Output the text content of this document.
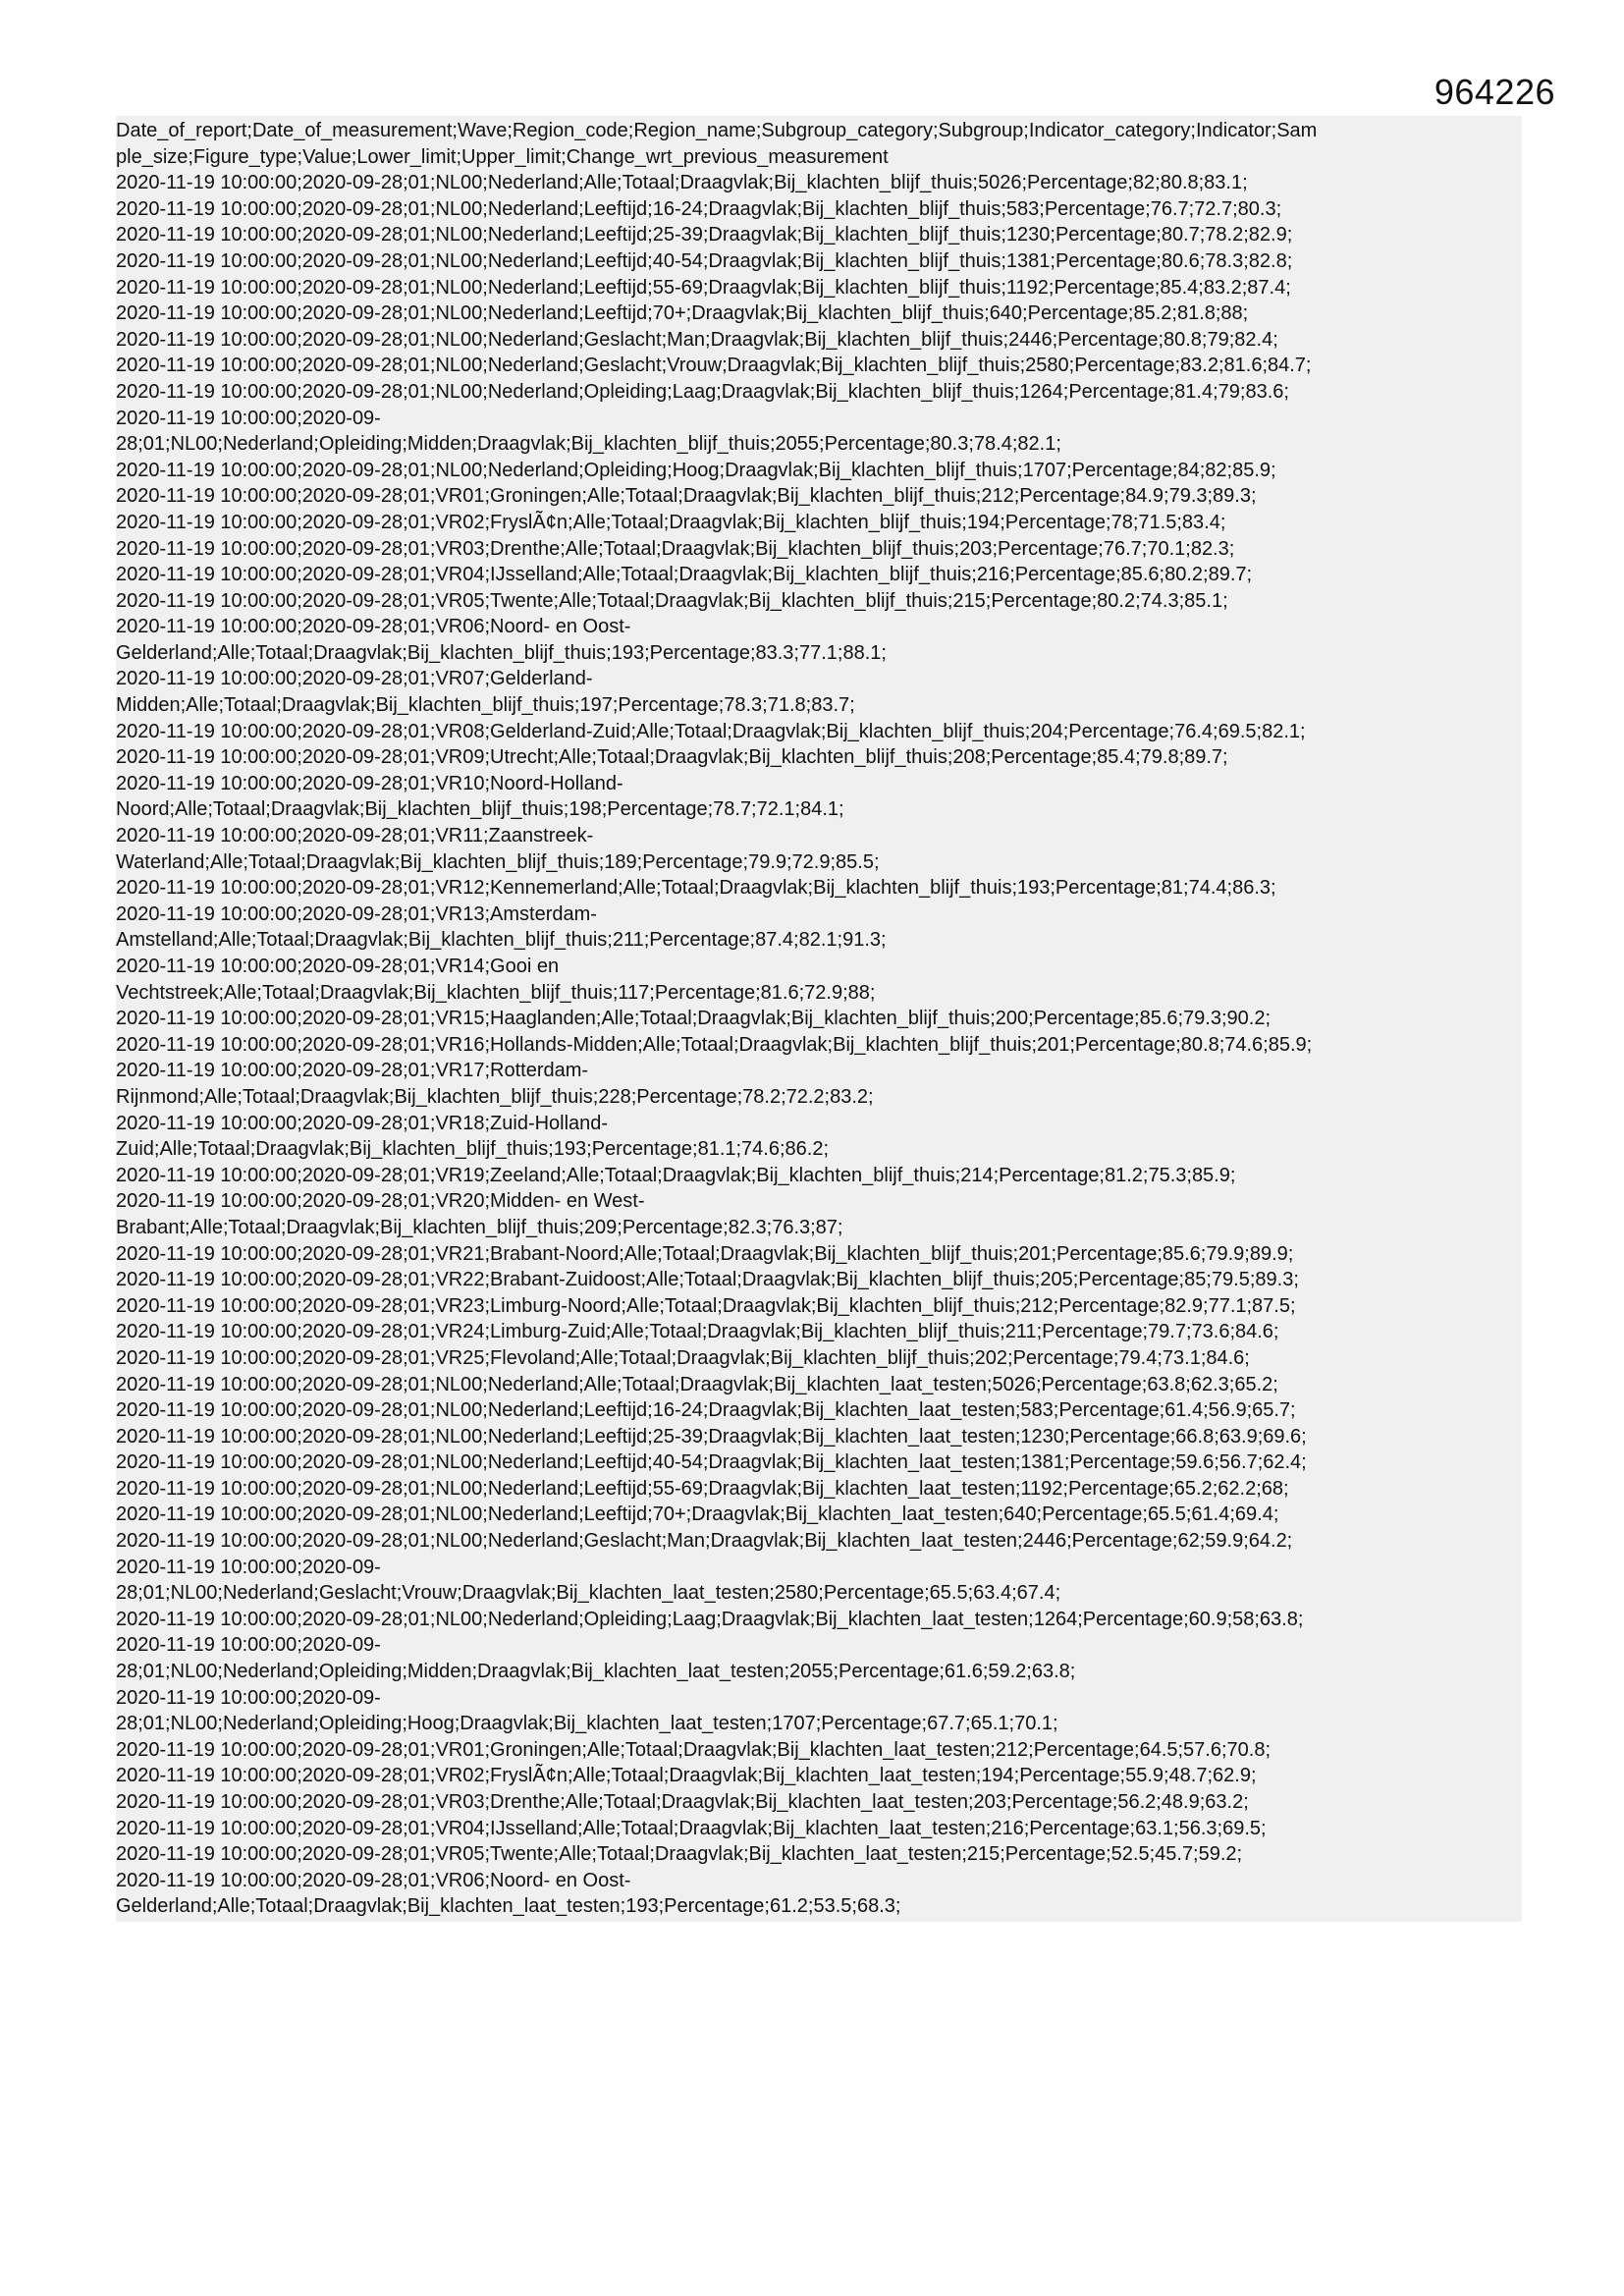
964226
Date_of_report;Date_of_measurement;Wave;Region_code;Region_name;Subgroup_category;Subgroup;Indicator_category;Indicator;Sam
ple_size;Figure_type;Value;Lower_limit;Upper_limit;Change_wrt_previous_measurement
2020-11-19 10:00:00;2020-09-28;01;NL00;Nederland;Alle;Totaal;Draagvlak;Bij_klachten_blijf_thuis;5026;Percentage;82;80.8;83.1;
2020-11-19 10:00:00;2020-09-28;01;NL00;Nederland;Leeftijd;16-24;Draagvlak;Bij_klachten_blijf_thuis;583;Percentage;76.7;72.7;80.3;
2020-11-19 10:00:00;2020-09-28;01;NL00;Nederland;Leeftijd;25-39;Draagvlak;Bij_klachten_blijf_thuis;1230;Percentage;80.7;78.2;82.9;
2020-11-19 10:00:00;2020-09-28;01;NL00;Nederland;Leeftijd;40-54;Draagvlak;Bij_klachten_blijf_thuis;1381;Percentage;80.6;78.3;82.8;
2020-11-19 10:00:00;2020-09-28;01;NL00;Nederland;Leeftijd;55-69;Draagvlak;Bij_klachten_blijf_thuis;1192;Percentage;85.4;83.2;87.4;
2020-11-19 10:00:00;2020-09-28;01;NL00;Nederland;Leeftijd;70+;Draagvlak;Bij_klachten_blijf_thuis;640;Percentage;85.2;81.8;88;
2020-11-19 10:00:00;2020-09-28;01;NL00;Nederland;Geslacht;Man;Draagvlak;Bij_klachten_blijf_thuis;2446;Percentage;80.8;79;82.4;
2020-11-19 10:00:00;2020-09-28;01;NL00;Nederland;Geslacht;Vrouw;Draagvlak;Bij_klachten_blijf_thuis;2580;Percentage;83.2;81.6;84.7;
2020-11-19 10:00:00;2020-09-28;01;NL00;Nederland;Opleiding;Laag;Draagvlak;Bij_klachten_blijf_thuis;1264;Percentage;81.4;79;83.6;
2020-11-19 10:00:00;2020-09-
28;01;NL00;Nederland;Opleiding;Midden;Draagvlak;Bij_klachten_blijf_thuis;2055;Percentage;80.3;78.4;82.1;
2020-11-19 10:00:00;2020-09-28;01;NL00;Nederland;Opleiding;Hoog;Draagvlak;Bij_klachten_blijf_thuis;1707;Percentage;84;82;85.9;
2020-11-19 10:00:00;2020-09-28;01;VR01;Groningen;Alle;Totaal;Draagvlak;Bij_klachten_blijf_thuis;212;Percentage;84.9;79.3;89.3;
2020-11-19 10:00:00;2020-09-28;01;VR02;FryslÃ¢n;Alle;Totaal;Draagvlak;Bij_klachten_blijf_thuis;194;Percentage;78;71.5;83.4;
2020-11-19 10:00:00;2020-09-28;01;VR03;Drenthe;Alle;Totaal;Draagvlak;Bij_klachten_blijf_thuis;203;Percentage;76.7;70.1;82.3;
2020-11-19 10:00:00;2020-09-28;01;VR04;IJsselland;Alle;Totaal;Draagvlak;Bij_klachten_blijf_thuis;216;Percentage;85.6;80.2;89.7;
2020-11-19 10:00:00;2020-09-28;01;VR05;Twente;Alle;Totaal;Draagvlak;Bij_klachten_blijf_thuis;215;Percentage;80.2;74.3;85.1;
2020-11-19 10:00:00;2020-09-28;01;VR06;Noord- en Oost-
Gelderland;Alle;Totaal;Draagvlak;Bij_klachten_blijf_thuis;193;Percentage;83.3;77.1;88.1;
2020-11-19 10:00:00;2020-09-28;01;VR07;Gelderland-
Midden;Alle;Totaal;Draagvlak;Bij_klachten_blijf_thuis;197;Percentage;78.3;71.8;83.7;
2020-11-19 10:00:00;2020-09-28;01;VR08;Gelderland-Zuid;Alle;Totaal;Draagvlak;Bij_klachten_blijf_thuis;204;Percentage;76.4;69.5;82.1;
2020-11-19 10:00:00;2020-09-28;01;VR09;Utrecht;Alle;Totaal;Draagvlak;Bij_klachten_blijf_thuis;208;Percentage;85.4;79.8;89.7;
2020-11-19 10:00:00;2020-09-28;01;VR10;Noord-Holland-
Noord;Alle;Totaal;Draagvlak;Bij_klachten_blijf_thuis;198;Percentage;78.7;72.1;84.1;
2020-11-19 10:00:00;2020-09-28;01;VR11;Zaanstreek-
Waterland;Alle;Totaal;Draagvlak;Bij_klachten_blijf_thuis;189;Percentage;79.9;72.9;85.5;
2020-11-19 10:00:00;2020-09-28;01;VR12;Kennemerland;Alle;Totaal;Draagvlak;Bij_klachten_blijf_thuis;193;Percentage;81;74.4;86.3;
2020-11-19 10:00:00;2020-09-28;01;VR13;Amsterdam-
Amstelland;Alle;Totaal;Draagvlak;Bij_klachten_blijf_thuis;211;Percentage;87.4;82.1;91.3;
2020-11-19 10:00:00;2020-09-28;01;VR14;Gooi en
Vechtstreek;Alle;Totaal;Draagvlak;Bij_klachten_blijf_thuis;117;Percentage;81.6;72.9;88;
2020-11-19 10:00:00;2020-09-28;01;VR15;Haaglanden;Alle;Totaal;Draagvlak;Bij_klachten_blijf_thuis;200;Percentage;85.6;79.3;90.2;
2020-11-19 10:00:00;2020-09-28;01;VR16;Hollands-Midden;Alle;Totaal;Draagvlak;Bij_klachten_blijf_thuis;201;Percentage;80.8;74.6;85.9;
2020-11-19 10:00:00;2020-09-28;01;VR17;Rotterdam-
Rijnmond;Alle;Totaal;Draagvlak;Bij_klachten_blijf_thuis;228;Percentage;78.2;72.2;83.2;
2020-11-19 10:00:00;2020-09-28;01;VR18;Zuid-Holland-
Zuid;Alle;Totaal;Draagvlak;Bij_klachten_blijf_thuis;193;Percentage;81.1;74.6;86.2;
2020-11-19 10:00:00;2020-09-28;01;VR19;Zeeland;Alle;Totaal;Draagvlak;Bij_klachten_blijf_thuis;214;Percentage;81.2;75.3;85.9;
2020-11-19 10:00:00;2020-09-28;01;VR20;Midden- en West-
Brabant;Alle;Totaal;Draagvlak;Bij_klachten_blijf_thuis;209;Percentage;82.3;76.3;87;
2020-11-19 10:00:00;2020-09-28;01;VR21;Brabant-Noord;Alle;Totaal;Draagvlak;Bij_klachten_blijf_thuis;201;Percentage;85.6;79.9;89.9;
2020-11-19 10:00:00;2020-09-28;01;VR22;Brabant-Zuidoost;Alle;Totaal;Draagvlak;Bij_klachten_blijf_thuis;205;Percentage;85;79.5;89.3;
2020-11-19 10:00:00;2020-09-28;01;VR23;Limburg-Noord;Alle;Totaal;Draagvlak;Bij_klachten_blijf_thuis;212;Percentage;82.9;77.1;87.5;
2020-11-19 10:00:00;2020-09-28;01;VR24;Limburg-Zuid;Alle;Totaal;Draagvlak;Bij_klachten_blijf_thuis;211;Percentage;79.7;73.6;84.6;
2020-11-19 10:00:00;2020-09-28;01;VR25;Flevoland;Alle;Totaal;Draagvlak;Bij_klachten_blijf_thuis;202;Percentage;79.4;73.1;84.6;
2020-11-19 10:00:00;2020-09-28;01;NL00;Nederland;Alle;Totaal;Draagvlak;Bij_klachten_laat_testen;5026;Percentage;63.8;62.3;65.2;
2020-11-19 10:00:00;2020-09-28;01;NL00;Nederland;Leeftijd;16-24;Draagvlak;Bij_klachten_laat_testen;583;Percentage;61.4;56.9;65.7;
2020-11-19 10:00:00;2020-09-28;01;NL00;Nederland;Leeftijd;25-39;Draagvlak;Bij_klachten_laat_testen;1230;Percentage;66.8;63.9;69.6;
2020-11-19 10:00:00;2020-09-28;01;NL00;Nederland;Leeftijd;40-54;Draagvlak;Bij_klachten_laat_testen;1381;Percentage;59.6;56.7;62.4;
2020-11-19 10:00:00;2020-09-28;01;NL00;Nederland;Leeftijd;55-69;Draagvlak;Bij_klachten_laat_testen;1192;Percentage;65.2;62.2;68;
2020-11-19 10:00:00;2020-09-28;01;NL00;Nederland;Leeftijd;70+;Draagvlak;Bij_klachten_laat_testen;640;Percentage;65.5;61.4;69.4;
2020-11-19 10:00:00;2020-09-28;01;NL00;Nederland;Geslacht;Man;Draagvlak;Bij_klachten_laat_testen;2446;Percentage;62;59.9;64.2;
2020-11-19 10:00:00;2020-09-
28;01;NL00;Nederland;Geslacht;Vrouw;Draagvlak;Bij_klachten_laat_testen;2580;Percentage;65.5;63.4;67.4;
2020-11-19 10:00:00;2020-09-28;01;NL00;Nederland;Opleiding;Laag;Draagvlak;Bij_klachten_laat_testen;1264;Percentage;60.9;58;63.8;
2020-11-19 10:00:00;2020-09-
28;01;NL00;Nederland;Opleiding;Midden;Draagvlak;Bij_klachten_laat_testen;2055;Percentage;61.6;59.2;63.8;
2020-11-19 10:00:00;2020-09-
28;01;NL00;Nederland;Opleiding;Hoog;Draagvlak;Bij_klachten_laat_testen;1707;Percentage;67.7;65.1;70.1;
2020-11-19 10:00:00;2020-09-28;01;VR01;Groningen;Alle;Totaal;Draagvlak;Bij_klachten_laat_testen;212;Percentage;64.5;57.6;70.8;
2020-11-19 10:00:00;2020-09-28;01;VR02;FryslÃ¢n;Alle;Totaal;Draagvlak;Bij_klachten_laat_testen;194;Percentage;55.9;48.7;62.9;
2020-11-19 10:00:00;2020-09-28;01;VR03;Drenthe;Alle;Totaal;Draagvlak;Bij_klachten_laat_testen;203;Percentage;56.2;48.9;63.2;
2020-11-19 10:00:00;2020-09-28;01;VR04;IJsselland;Alle;Totaal;Draagvlak;Bij_klachten_laat_testen;216;Percentage;63.1;56.3;69.5;
2020-11-19 10:00:00;2020-09-28;01;VR05;Twente;Alle;Totaal;Draagvlak;Bij_klachten_laat_testen;215;Percentage;52.5;45.7;59.2;
2020-11-19 10:00:00;2020-09-28;01;VR06;Noord- en Oost-
Gelderland;Alle;Totaal;Draagvlak;Bij_klachten_laat_testen;193;Percentage;61.2;53.5;68.3;
